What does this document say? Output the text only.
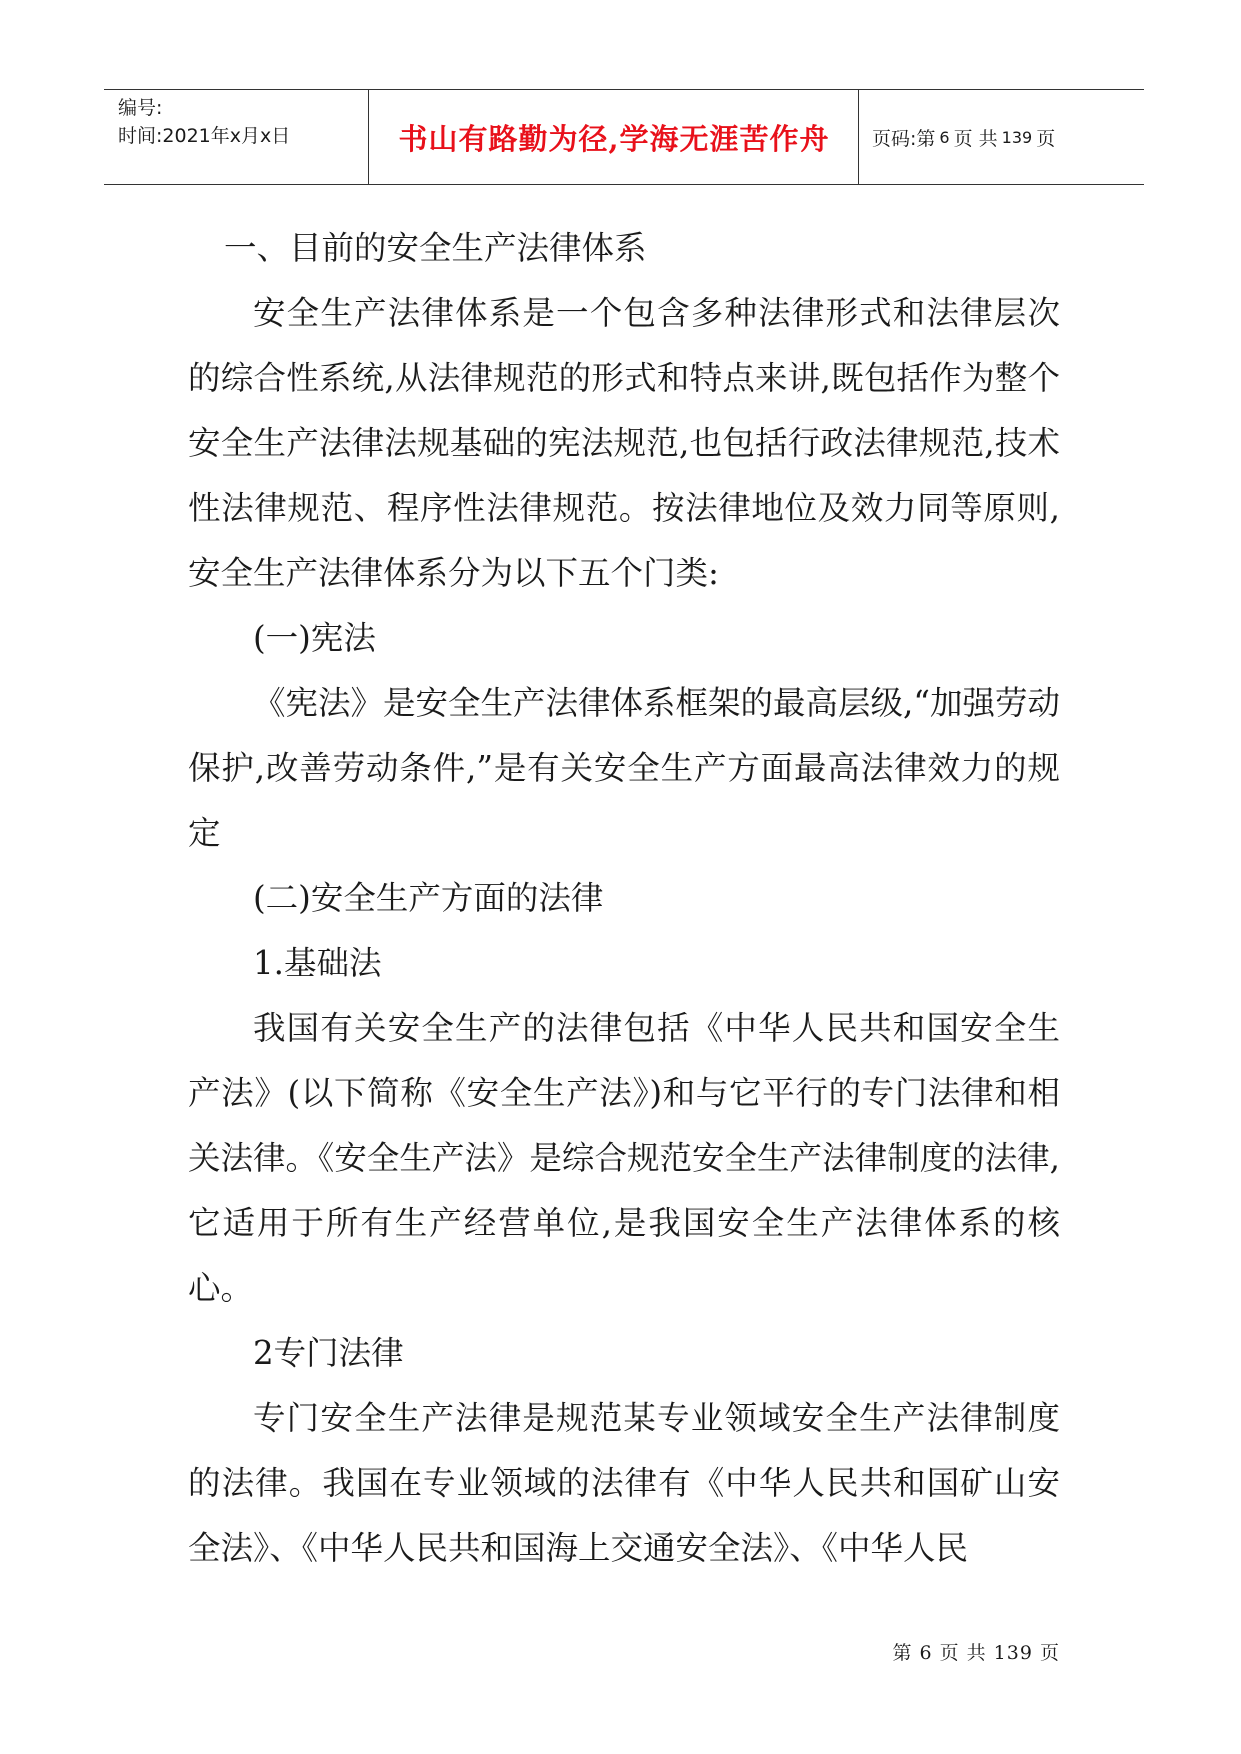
编号:
时间:2021年x月x日	书山有路勤为径,学海无涯苦作舟	页码:第 6 页 共 139 页

一、目前的安全生产法律体系

安全生产法律体系是一个包含多种法律形式和法律层次的综合性系统,从法律规范的形式和特点来讲,既包括作为整个安全生产法律法规基础的宪法规范,也包括行政法律规范,技术性法律规范、程序性法律规范。按法律地位及效力同等原则,安全生产法律体系分为以下五个门类:

(一)宪法

《宪法》是安全生产法律体系框架的最高层级,“加强劳动保护,改善劳动条件,”是有关安全生产方面最高法律效力的规定

(二)安全生产方面的法律

1.基础法

我国有关安全生产的法律包括《中华人民共和国安全生产法》(以下简称《安全生产法》)和与它平行的专门法律和相关法律。《安全生产法》是综合规范安全生产法律制度的法律,它适用于所有生产经营单位,是我国安全生产法律体系的核心。

2专门法律

专门安全生产法律是规范某专业领域安全生产法律制度的法律。我国在专业领域的法律有《中华人民共和国矿山安全法》、《中华人民共和国海上交通安全法》、《中华人民

第 6 页 共 139 页
